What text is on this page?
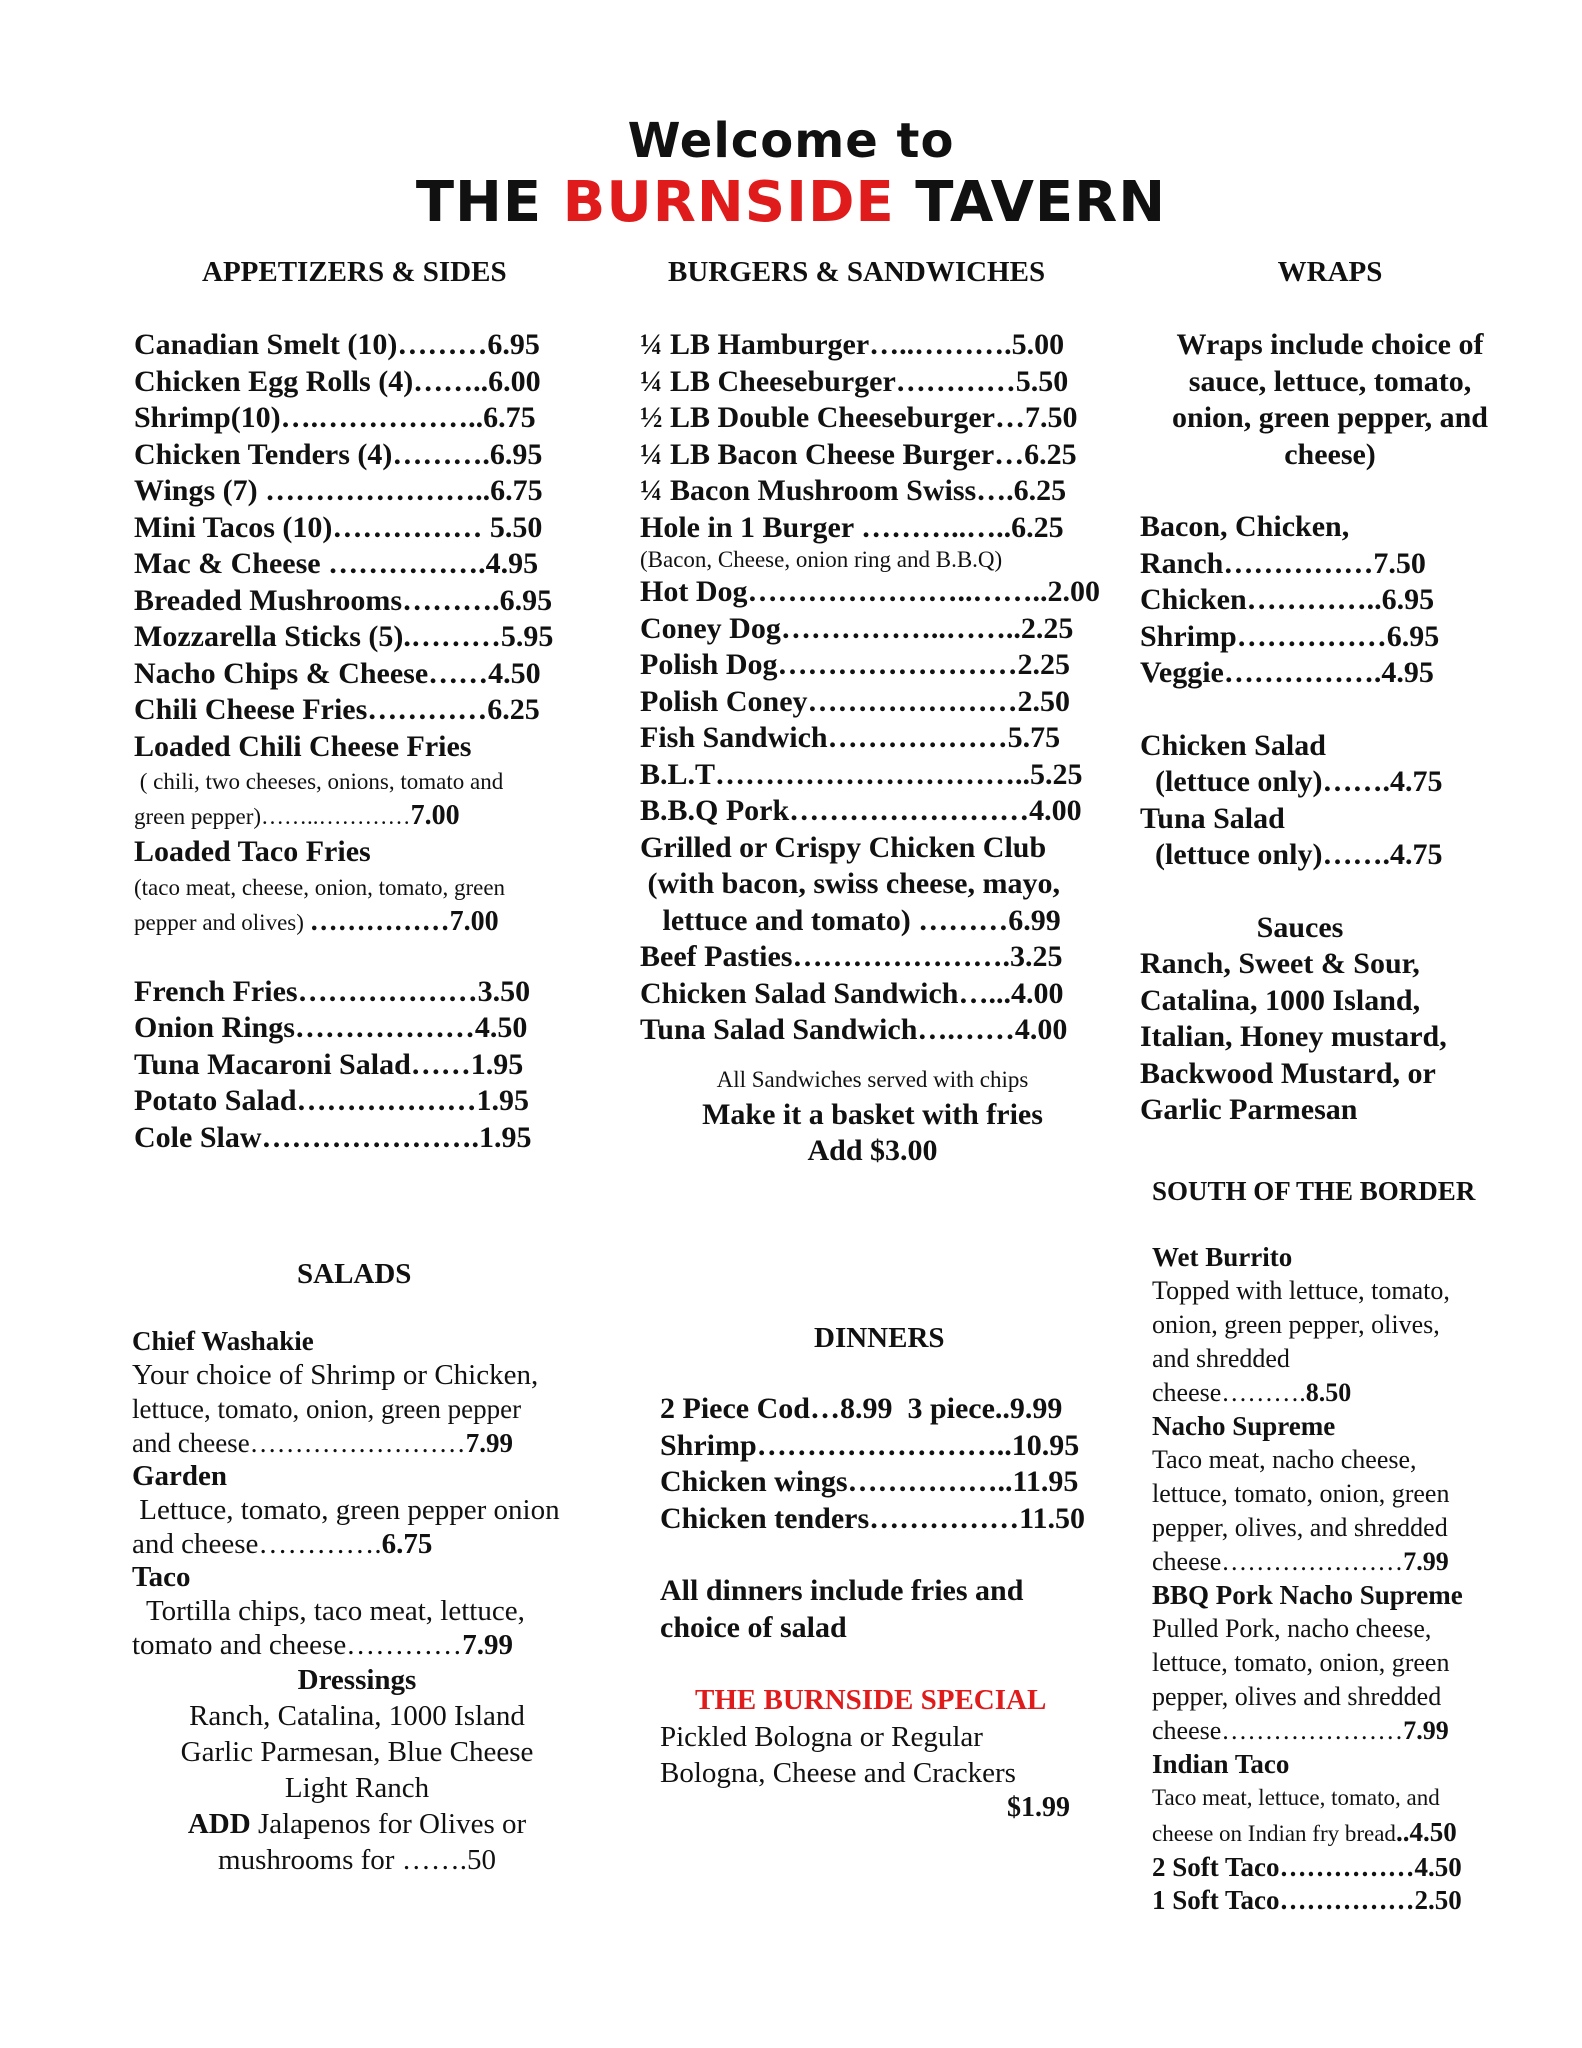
Welcome to
THE BURNSIDE TAVERN
APPETIZERS & SIDES
Canadian Smelt (10)………6.95
Chicken Egg Rolls (4)……..6.00
Shrimp(10)….……………..6.75
Chicken Tenders (4)……….6.95
Wings (7) …………………..6.75
Mini Tacos (10)…………… 5.50
Mac & Cheese …………….4.95
Breaded Mushrooms……….6.95
Mozzarella Sticks (5).………5.95
Nacho Chips & Cheese……4.50
Chili Cheese Fries…………6.25
Loaded Chili Cheese Fries
( chili, two cheeses, onions, tomato and
green pepper)……..…………7.00
Loaded Taco Fries
(taco meat, cheese, onion, tomato, green
pepper and olives) ……………7.00
French Fries………………3.50
Onion Rings………………4.50
Tuna Macaroni Salad……1.95
Potato Salad………………1.95
Cole Slaw………………….1.95
BURGERS & SANDWICHES
¼ LB Hamburger…..……….5.00
¼ LB Cheeseburger…………5.50
½ LB Double Cheeseburger…7.50
¼ LB Bacon Cheese Burger…6.25
¼ Bacon Mushroom Swiss….6.25
Hole in 1 Burger ………..…..6.25
(Bacon, Cheese, onion ring and B.B.Q)
Hot Dog…………………..……..2.00
Coney Dog……………..……..2.25
Polish Dog……………………2.25
Polish Coney…………………2.50
Fish Sandwich………………5.75
B.L.T…………………………..5.25
B.B.Q Pork……………………4.00
Grilled or Crispy Chicken Club
(with bacon, swiss cheese, mayo,
lettuce and tomato) ………6.99
Beef Pasties………………….3.25
Chicken Salad Sandwich…...4.00
Tuna Salad Sandwich….……4.00
All Sandwiches served with chips
Make it a basket with fries
Add $3.00
WRAPS
Wraps include choice of
sauce, lettuce, tomato,
onion, green pepper, and
cheese)
Bacon, Chicken,
Ranch……………7.50
Chicken…………..6.95
Shrimp……………6.95
Veggie…………….4.95
Chicken Salad
(lettuce only)…….4.75
Tuna Salad
(lettuce only)…….4.75
Sauces
Ranch, Sweet & Sour,
Catalina, 1000 Island,
Italian, Honey mustard,
Backwood Mustard, or
Garlic Parmesan
SALADS
Chief Washakie
Your choice of Shrimp or Chicken,
lettuce, tomato, onion, green pepper
and cheese……………………7.99
Garden
Lettuce, tomato, green pepper onion
and cheese………….6.75
Taco
Tortilla chips, taco meat, lettuce,
tomato and cheese…………7.99
Dressings
Ranch, Catalina, 1000 Island
Garlic Parmesan, Blue Cheese
Light Ranch
ADD Jalapenos for Olives or
mushrooms for …….50
DINNERS
2 Piece Cod…8.99  3 piece..9.99
Shrimp……………………..10.95
Chicken wings……………..11.95
Chicken tenders……………11.50
All dinners include fries and
choice of salad
THE BURNSIDE SPECIAL
Pickled Bologna or Regular
Bologna, Cheese and Crackers
$1.99
SOUTH OF THE BORDER
Wet Burrito
Topped with lettuce, tomato,
onion, green pepper, olives,
and shredded
cheese……….8.50
Nacho Supreme
Taco meat, nacho cheese,
lettuce, tomato, onion, green
pepper, olives, and shredded
cheese…………………7.99
BBQ Pork Nacho Supreme
Pulled Pork, nacho cheese,
lettuce, tomato, onion, green
pepper, olives and shredded
cheese…………………7.99
Indian Taco
Taco meat, lettuce, tomato, and
cheese on Indian fry bread..4.50
2 Soft Taco……………4.50
1 Soft Taco……………2.50
